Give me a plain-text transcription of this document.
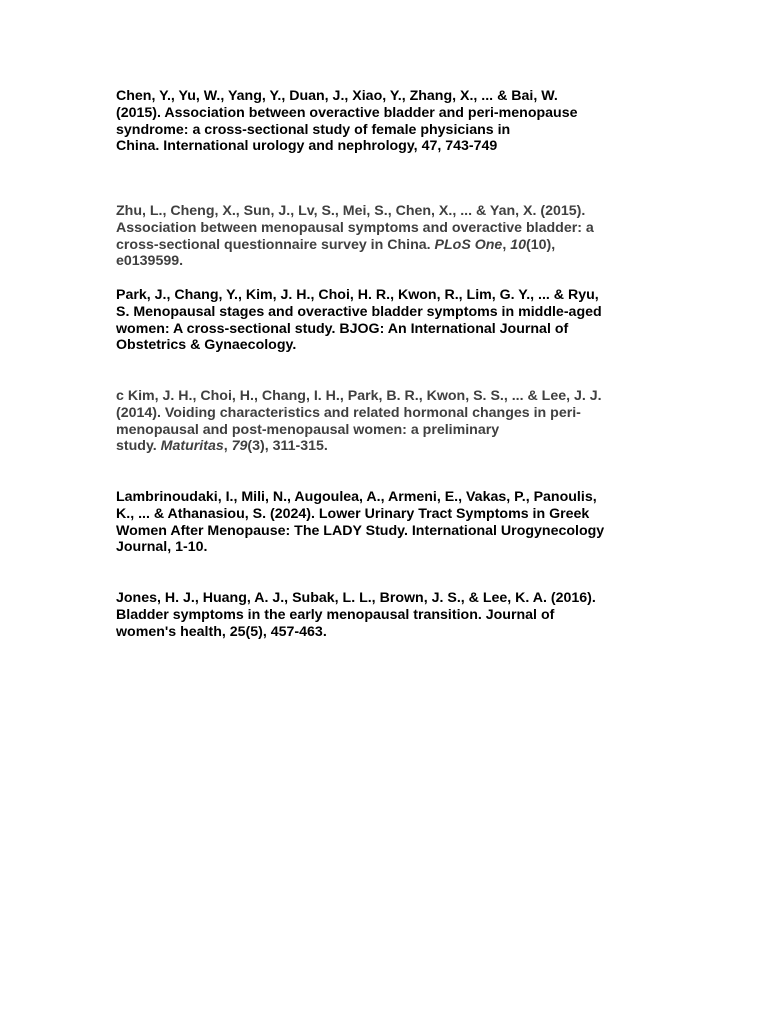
Chen, Y., Yu, W., Yang, Y., Duan, J., Xiao, Y., Zhang, X., ... & Bai, W.
(2015). Association between overactive bladder and peri-menopause
syndrome: a cross-sectional study of female physicians in
China. International urology and nephrology, 47, 743-749

Zhu, L., Cheng, X., Sun, J., Lv, S., Mei, S., Chen, X., ... & Yan, X. (2015).
Association between menopausal symptoms and overactive bladder: a
cross-sectional questionnaire survey in China. PLoS One, 10(10),
e0139599.

Park, J., Chang, Y., Kim, J. H., Choi, H. R., Kwon, R., Lim, G. Y., ... & Ryu,
S. Menopausal stages and overactive bladder symptoms in middle-aged
women: A cross-sectional study. BJOG: An International Journal of
Obstetrics & Gynaecology.

c Kim, J. H., Choi, H., Chang, I. H., Park, B. R., Kwon, S. S., ... & Lee, J. J.
(2014). Voiding characteristics and related hormonal changes in peri-
menopausal and post-menopausal women: a preliminary
study. Maturitas, 79(3), 311-315.

Lambrinoudaki, I., Mili, N., Augoulea, A., Armeni, E., Vakas, P., Panoulis,
K., ... & Athanasiou, S. (2024). Lower Urinary Tract Symptoms in Greek
Women After Menopause: The LADY Study. International Urogynecology
Journal, 1-10.

Jones, H. J., Huang, A. J., Subak, L. L., Brown, J. S., & Lee, K. A. (2016).
Bladder symptoms in the early menopausal transition. Journal of
women's health, 25(5), 457-463.
